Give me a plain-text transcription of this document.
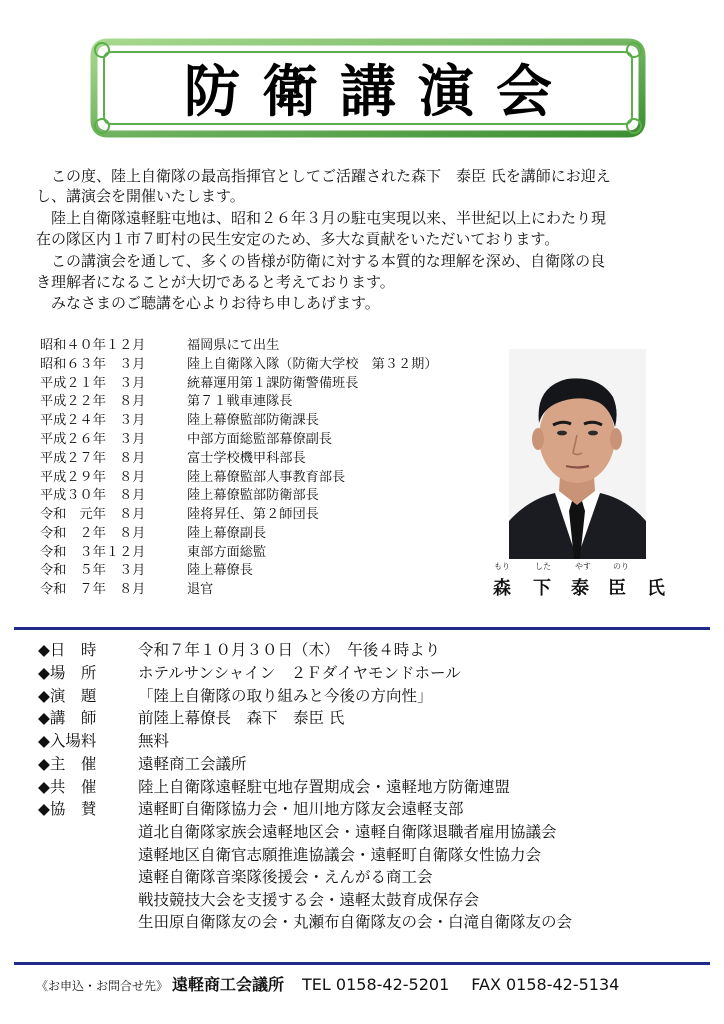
防衛講演会
　この度、陸上自衛隊の最高指揮官としてご活躍された森下　泰臣 氏を講師にお迎え
し、講演会を開催いたします。
　陸上自衛隊遠軽駐屯地は、昭和２６年３月の駐屯実現以来、半世紀以上にわたり現
在の隊区内１市７町村の民生安定のため、多大な貢献をいただいております。
　この講演会を通して、多くの皆様が防衛に対する本質的な理解を深め、自衛隊の良
き理解者になることが大切であると考えております。
　みなさまのご聴講を心よりお待ち申しあげます。
昭和４０年１２月	福岡県にて出生
昭和６３年　３月	陸上自衛隊入隊（防衛大学校　第３２期）
平成２１年　３月	統幕運用第１課防衛警備班長
平成２２年　８月	第７１戦車連隊長
平成２４年　３月	陸上幕僚監部防衛課長
平成２６年　３月	中部方面総監部幕僚副長
平成２７年　８月	富士学校機甲科部長
平成２９年　８月	陸上幕僚監部人事教育部長
平成３０年　８月	陸上幕僚監部防衛部長
令和　元年　８月	陸将昇任、第２師団長
令和　２年　８月	陸上幕僚副長
令和　３年１２月	東部方面総監
令和　５年　３月	陸上幕僚長
令和　７年　８月	退官
もり	した	やす	のり
森 下 泰 臣 氏
◆日　時	令和７年１０月３０日（木）　午後４時より
◆場　所	ホテルサンシャイン　２Ｆダイヤモンドホール
◆演　題	「陸上自衛隊の取り組みと今後の方向性」
◆講　師	前陸上幕僚長　森下　泰臣 氏
◆入場料	無料
◆主　催	遠軽商工会議所
◆共　催	陸上自衛隊遠軽駐屯地存置期成会・遠軽地方防衛連盟
◆協　賛	遠軽町自衛隊協力会・旭川地方隊友会遠軽支部
道北自衛隊家族会遠軽地区会・遠軽自衛隊退職者雇用協議会
遠軽地区自衛官志願推進協議会・遠軽町自衛隊女性協力会
遠軽自衛隊音楽隊後援会・えんがる商工会
戦技競技大会を支援する会・遠軽太鼓育成保存会
生田原自衛隊友の会・丸瀬布自衛隊友の会・白滝自衛隊友の会
《お申込・お問合せ先》 遠軽商工会議所 TEL 0158-42-5201 FAX 0158-42-5134
